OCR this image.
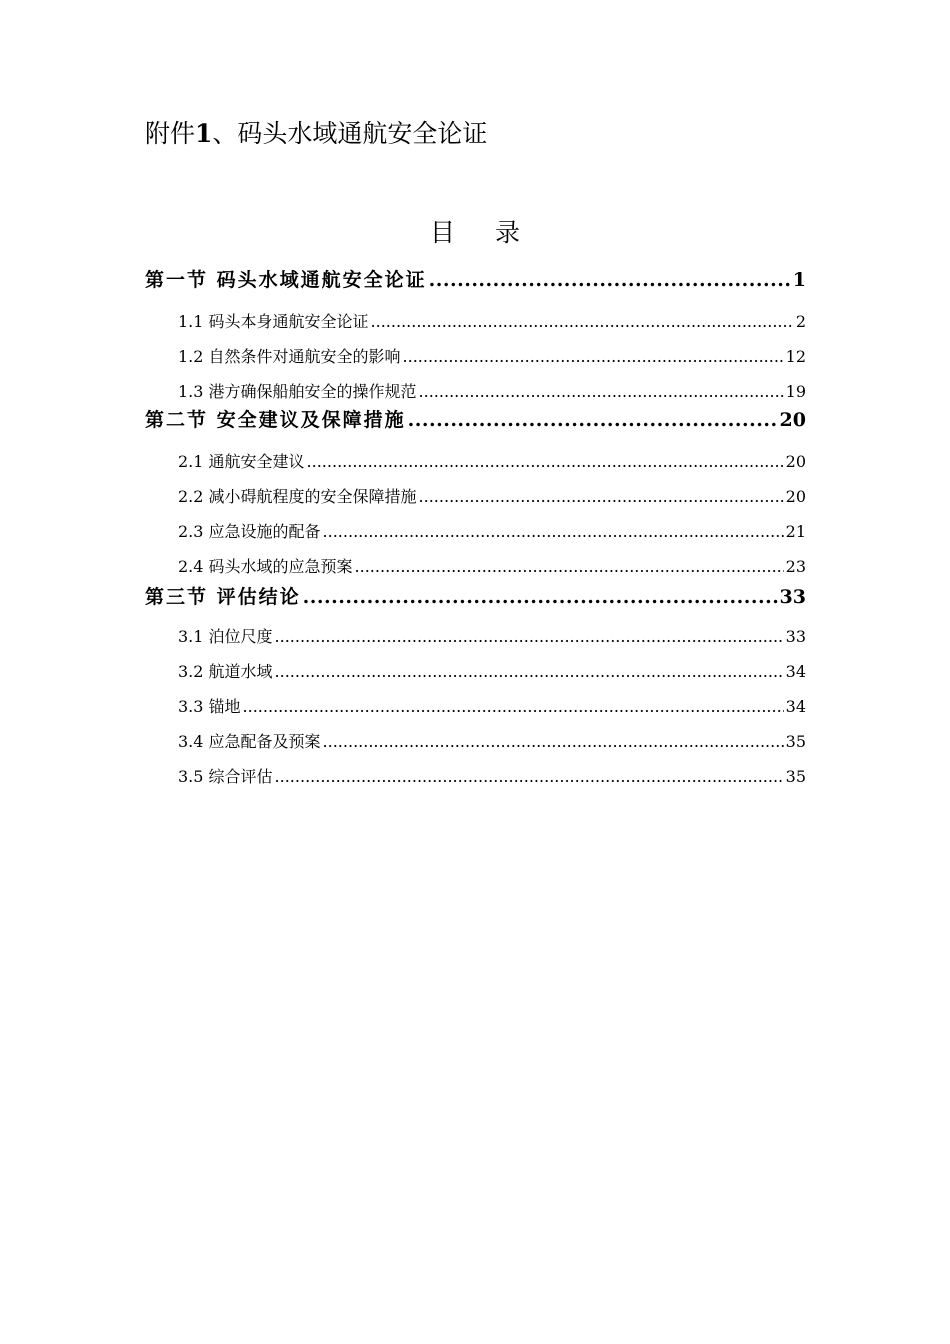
附件1、码头水域通航安全论证
目 录
第一节 码头水域通航安全论证 .....	1
1.1 码头本身通航安全论证 .....	2
1.2 自然条件对通航安全的影响 .....	12
1.3 港方确保船舶安全的操作规范 .....	19
第二节 安全建议及保障措施 .....	20
2.1 通航安全建议 .....	20
2.2 减小碍航程度的安全保障措施 .....	20
2.3 应急设施的配备 .....	21
2.4 码头水域的应急预案 .....	23
第三节 评估结论 .....	33
3.1 泊位尺度 .....	33
3.2 航道水域 .....	34
3.3 锚地 .....	34
3.4 应急配备及预案 .....	35
3.5 综合评估 .....	35
